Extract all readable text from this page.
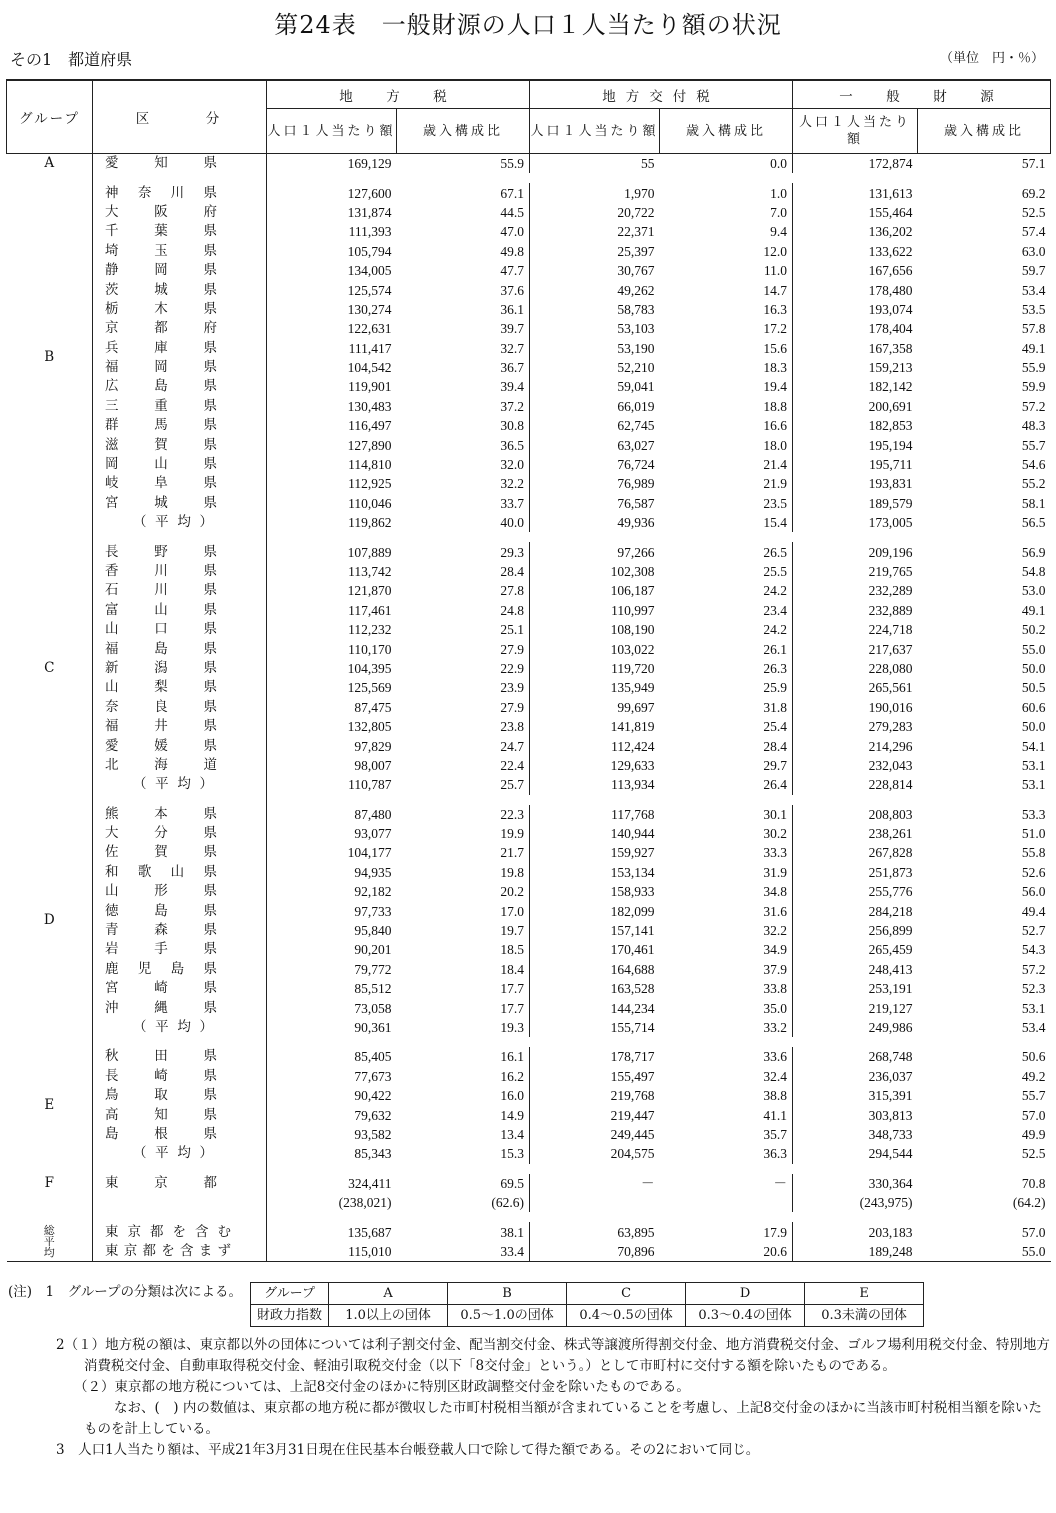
第24表　一般財源の人口１人当たり額の状況
その1　都道府県	（単位　円・％）
グループ	区　　　分	地　方　税		地方交付税		一　般　財　源	
		人口１人当たり額	歳入構成比	人口１人当たり額	歳入構成比	人口１人当たり額	歳入構成比
A	愛知県	169,129	55.9	55	0.0	172,874	57.1

B	神奈川県	127,600	67.1	1,970	1.0	131,613	69.2

	大阪府	131,874	44.5	20,722	7.0	155,464	52.5

	千葉県	111,393	47.0	22,371	9.4	136,202	57.4

	埼玉県	105,794	49.8	25,397	12.0	133,622	63.0

	静岡県	134,005	47.7	30,767	11.0	167,656	59.7

	茨城県	125,574	37.6	49,262	14.7	178,480	53.4

	栃木県	130,274	36.1	58,783	16.3	193,074	53.5

	京都府	122,631	39.7	53,103	17.2	178,404	57.8

	兵庫県	111,417	32.7	53,190	15.6	167,358	49.1

	福岡県	104,542	36.7	52,210	18.3	159,213	55.9

	広島県	119,901	39.4	59,041	19.4	182,142	59.9

	三重県	130,483	37.2	66,019	18.8	200,691	57.2

	群馬県	116,497	30.8	62,745	16.6	182,853	48.3

	滋賀県	127,890	36.5	63,027	18.0	195,194	55.7

	岡山県	114,810	32.0	76,724	21.4	195,711	54.6

	岐阜県	112,925	32.2	76,989	21.9	193,831	55.2

	宮城県	110,046	33.7	76,587	23.5	189,579	58.1

	（平均）	119,862	40.0	49,936	15.4	173,005	56.5

C	長野県	107,889	29.3	97,266	26.5	209,196	56.9

	香川県	113,742	28.4	102,308	25.5	219,765	54.8

	石川県	121,870	27.8	106,187	24.2	232,289	53.0

	富山県	117,461	24.8	110,997	23.4	232,889	49.1

	山口県	112,232	25.1	108,190	24.2	224,718	50.2

	福島県	110,170	27.9	103,022	26.1	217,637	55.0

	新潟県	104,395	22.9	119,720	26.3	228,080	50.0

	山梨県	125,569	23.9	135,949	25.9	265,561	50.5

	奈良県	87,475	27.9	99,697	31.8	190,016	60.6

	福井県	132,805	23.8	141,819	25.4	279,283	50.0

	愛媛県	97,829	24.7	112,424	28.4	214,296	54.1

	北海道	98,007	22.4	129,633	29.7	232,043	53.1

	（平均）	110,787	25.7	113,934	26.4	228,814	53.1

D	熊本県	87,480	22.3	117,768	30.1	208,803	53.3

	大分県	93,077	19.9	140,944	30.2	238,261	51.0

	佐賀県	104,177	21.7	159,927	33.3	267,828	55.8

	和歌山県	94,935	19.8	153,134	31.9	251,873	52.6

	山形県	92,182	20.2	158,933	34.8	255,776	56.0

	徳島県	97,733	17.0	182,099	31.6	284,218	49.4

	青森県	95,840	19.7	157,141	32.2	256,899	52.7

	岩手県	90,201	18.5	170,461	34.9	265,459	54.3

	鹿児島県	79,772	18.4	164,688	37.9	248,413	57.2

	宮崎県	85,512	17.7	163,528	33.8	253,191	52.3

	沖縄県	73,058	17.7	144,234	35.0	219,127	53.1

	（平均）	90,361	19.3	155,714	33.2	249,986	53.4

E	秋田県	85,405	16.1	178,717	33.6	268,748	50.6

	長崎県	77,673	16.2	155,497	32.4	236,037	49.2

	鳥取県	90,422	16.0	219,768	38.8	315,391	55.7

	高知県	79,632	14.9	219,447	41.1	303,813	57.0

	島根県	93,582	13.4	249,445	35.7	348,733	49.9

	（平均）	85,343	15.3	204,575	36.3	294,544	52.5

F	東京都	324,411	69.5	－	－	330,364	70.8
		(238,021)	(62.6)			(243,975)	(64.2)

総平均	東京都を含む	135,687	38.1	63,895	17.9	203,183	57.0

	東京都を含まず	115,010	33.4	70,896	20.6	189,248	55.0
(注)　1　グループの分類は次による。 グループ	A	B	C	D	E
財政力指数	1.0以上の団体	0.5～1.0の団体	0.4～0.5の団体	0.3～0.4の団体	0.3未満の団体

2（１）地方税の額は、東京都以外の団体については利子割交付金、配当割交付金、株式等譲渡所得割交付金、地方消費税交付金、ゴルフ場利用税交付金、特別地方消費税交付金、自動車取得税交付金、軽油引取税交付金（以下「8交付金」という。）として市町村に交付する額を除いたものである。

（２）東京都の地方税については、上記8交付金のほかに特別区財政調整交付金を除いたものである。

なお、(　) 内の数値は、東京都の地方税に都が徴収した市町村税相当額が含まれていることを考慮し、上記8交付金のほかに当該市町村税相当額を除いたものを計上している。

3　人口1人当たり額は、平成21年3月31日現在住民基本台帳登載人口で除して得た額である。その2において同じ。
